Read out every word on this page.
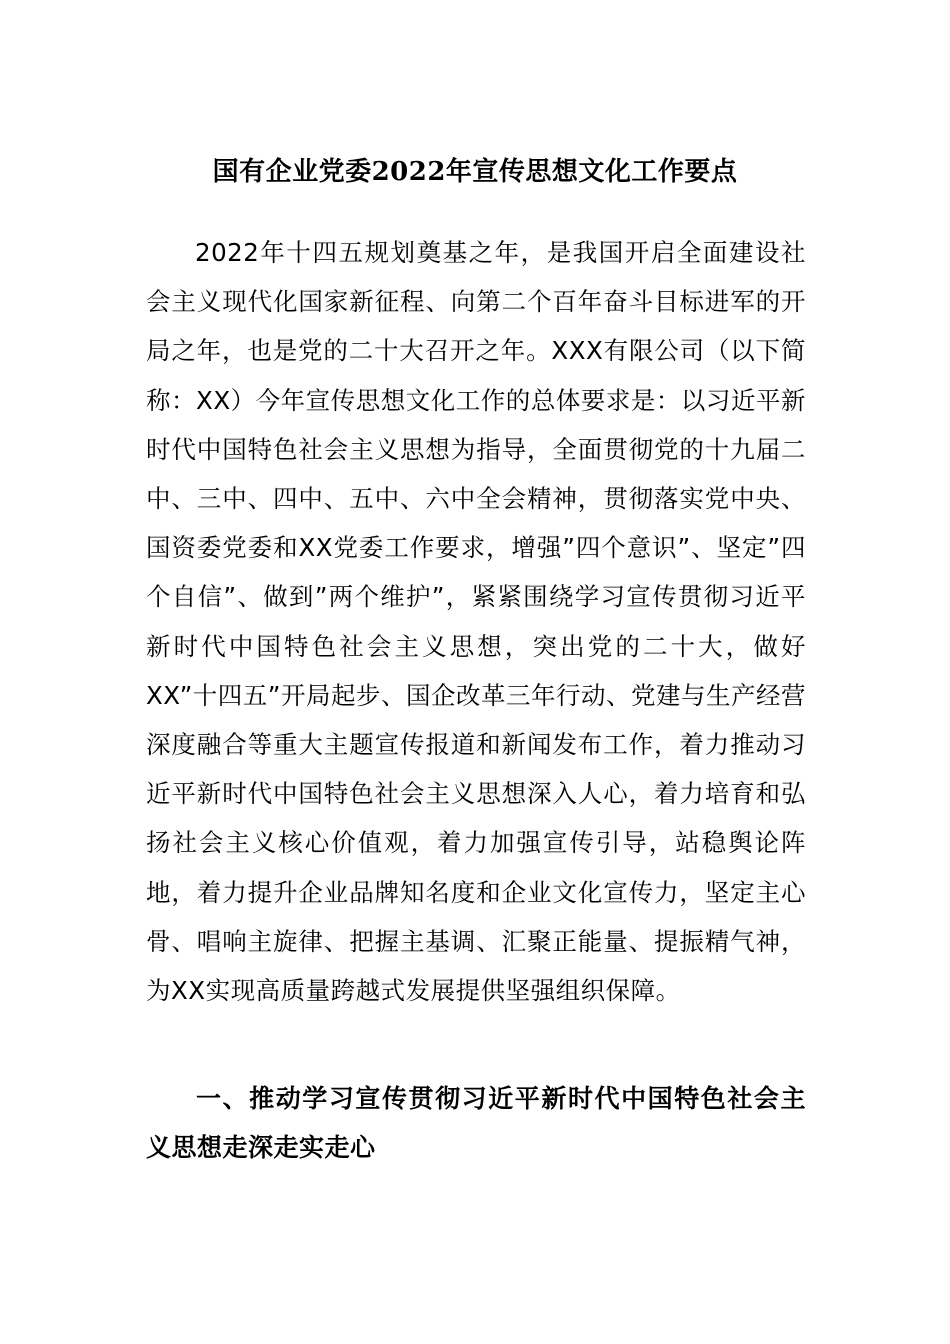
国有企业党委2022年宣传思想文化工作要点

2022年十四五规划奠基之年，是我国开启全面建设社会主义现代化国家新征程、向第二个百年奋斗目标进军的开局之年，也是党的二十大召开之年。XXX有限公司（以下简称：XX）今年宣传思想文化工作的总体要求是：以习近平新时代中国特色社会主义思想为指导，全面贯彻党的十九届二中、三中、四中、五中、六中全会精神，贯彻落实党中央、国资委党委和XX党委工作要求，增强”四个意识”、坚定”四个自信”、做到”两个维护”，紧紧围绕学习宣传贯彻习近平新时代中国特色社会主义思想，突出党的二十大，做好XX”十四五”开局起步、国企改革三年行动、党建与生产经营深度融合等重大主题宣传报道和新闻发布工作，着力推动习近平新时代中国特色社会主义思想深入人心，着力培育和弘扬社会主义核心价值观，着力加强宣传引导，站稳舆论阵地，着力提升企业品牌知名度和企业文化宣传力，坚定主心骨、唱响主旋律、把握主基调、汇聚正能量、提振精气神，为XX实现高质量跨越式发展提供坚强组织保障。

一、推动学习宣传贯彻习近平新时代中国特色社会主义思想走深走实走心
